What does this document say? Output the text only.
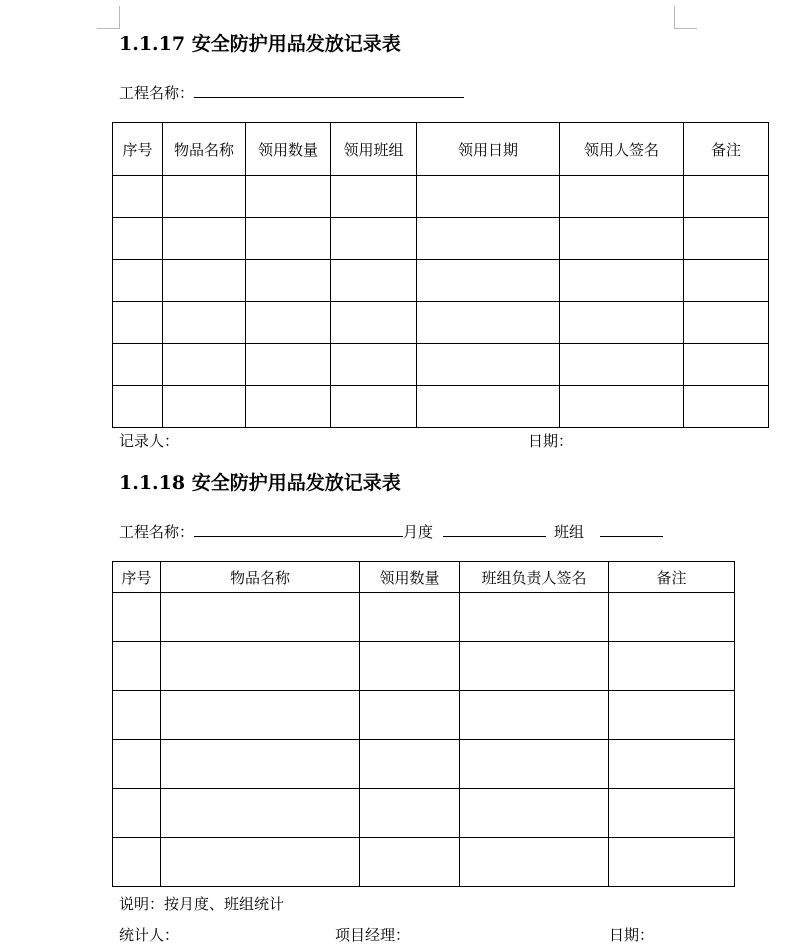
1.1.17 安全防护用品发放记录表
工程名称：
序号	物品名称	领用数量	领用班组	领用日期	领用人签名	备注

记录人：	日期：
1.1.18 安全防护用品发放记录表
工程名称：	月度	班组
序号	物品名称	领用数量	班组负责人签名	备注

说明：按月度、班组统计
统计人：	项目经理：	日期：
